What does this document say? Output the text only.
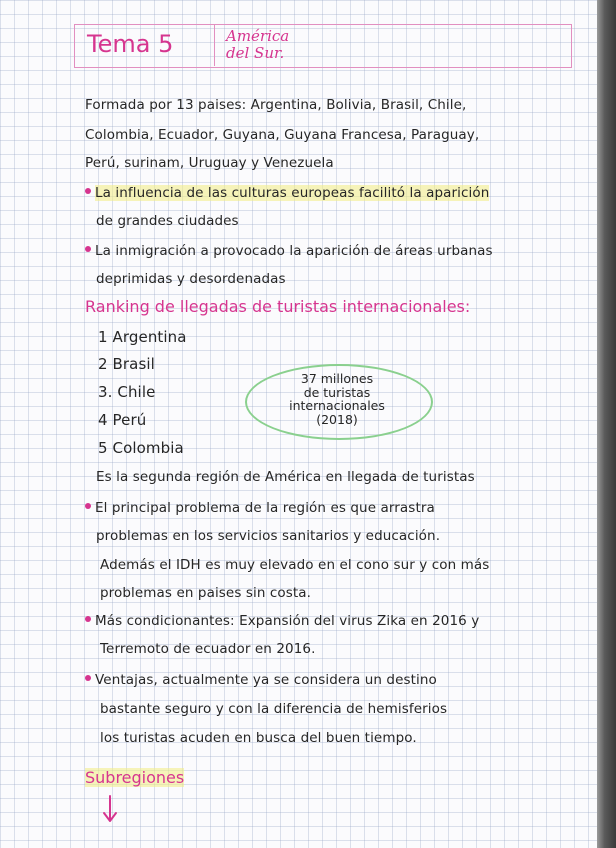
Tema 5	América
del Sur.
Formada por 13 paises: Argentina, Bolivia, Brasil, Chile,
Colombia, Ecuador, Guyana, Guyana Francesa, Paraguay,
Perú, surinam, Uruguay y Venezuela
La influencia de las culturas europeas facilitó la aparición
de grandes ciudades
La inmigración a provocado la aparición de áreas urbanas
deprimidas y desordenadas
Ranking de llegadas de turistas internacionales:
1 Argentina
2 Brasil
3. Chile
4 Perú
5 Colombia
37 millones
de turistas
internacionales
(2018)
Es la segunda región de América en llegada de turistas
El principal problema de la región es que arrastra
problemas en los servicios sanitarios y educación.
Además el IDH es muy elevado en el cono sur y con más
problemas en paises sin costa.
Más condicionantes: Expansión del virus Zika en 2016 y
Terremoto de ecuador en 2016.
Ventajas, actualmente ya se considera un destino
bastante seguro y con la diferencia de hemisferios
los turistas acuden en busca del buen tiempo.
Subregiones
